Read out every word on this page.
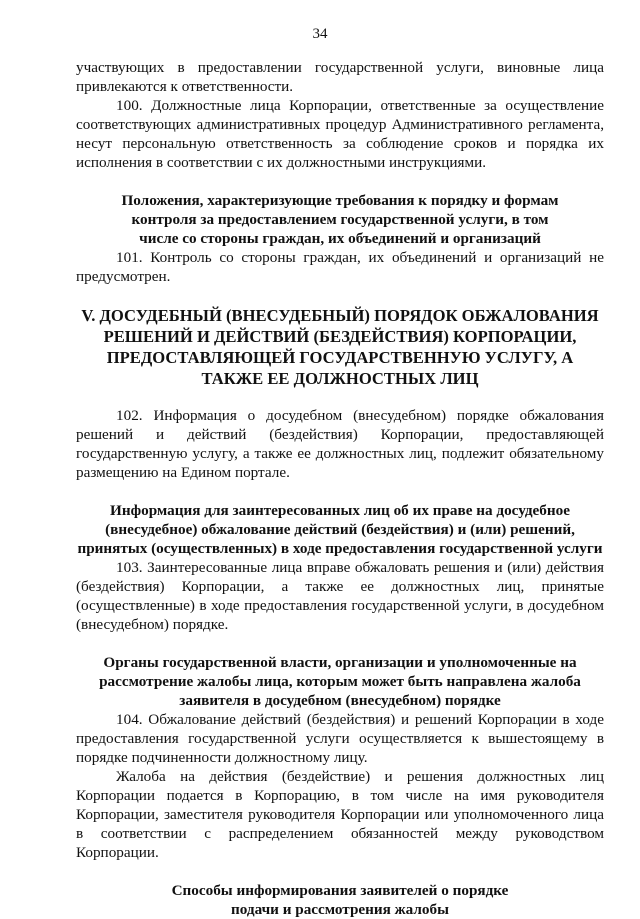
34

участвующих в предоставлении государственной услуги, виновные лица привлекаются к ответственности.

100. Должностные лица Корпорации, ответственные за осуществление соответствующих административных процедур Административного регламента, несут персональную ответственность за соблюдение сроков и порядка их исполнения в соответствии с их должностными инструкциями.

Положения, характеризующие требования к порядку и формам контроля за предоставлением государственной услуги, в том числе со стороны граждан, их объединений и организаций

101. Контроль со стороны граждан, их объединений и организаций не предусмотрен.

V. ДОСУДЕБНЫЙ (ВНЕСУДЕБНЫЙ) ПОРЯДОК ОБЖАЛОВАНИЯ РЕШЕНИЙ И ДЕЙСТВИЙ (БЕЗДЕЙСТВИЯ) КОРПОРАЦИИ, ПРЕДОСТАВЛЯЮЩЕЙ ГОСУДАРСТВЕННУЮ УСЛУГУ, А ТАКЖЕ ЕЕ ДОЛЖНОСТНЫХ ЛИЦ

102. Информация о досудебном (внесудебном) порядке обжалования решений и действий (бездействия) Корпорации, предоставляющей государственную услугу, а также ее должностных лиц, подлежит обязательному размещению на Едином портале.

Информация для заинтересованных лиц об их праве на досудебное (внесудебное) обжалование действий (бездействия) и (или) решений, принятых (осуществленных) в ходе предоставления государственной услуги

103. Заинтересованные лица вправе обжаловать решения и (или) действия (бездействия) Корпорации, а также ее должностных лиц, принятые (осуществленные) в ходе предоставления государственной услуги, в досудебном (внесудебном) порядке.

Органы государственной власти, организации и уполномоченные на рассмотрение жалобы лица, которым может быть направлена жалоба заявителя в досудебном (внесудебном) порядке

104. Обжалование действий (бездействия) и решений Корпорации в ходе предоставления государственной услуги осуществляется к вышестоящему в порядке подчиненности должностному лицу.

Жалоба на действия (бездействие) и решения должностных лиц Корпорации подается в Корпорацию, в том числе на имя руководителя Корпорации, заместителя руководителя Корпорации или уполномоченного лица в соответствии с распределением обязанностей между руководством Корпорации.

Способы информирования заявителей о порядке подачи и рассмотрения жалобы
